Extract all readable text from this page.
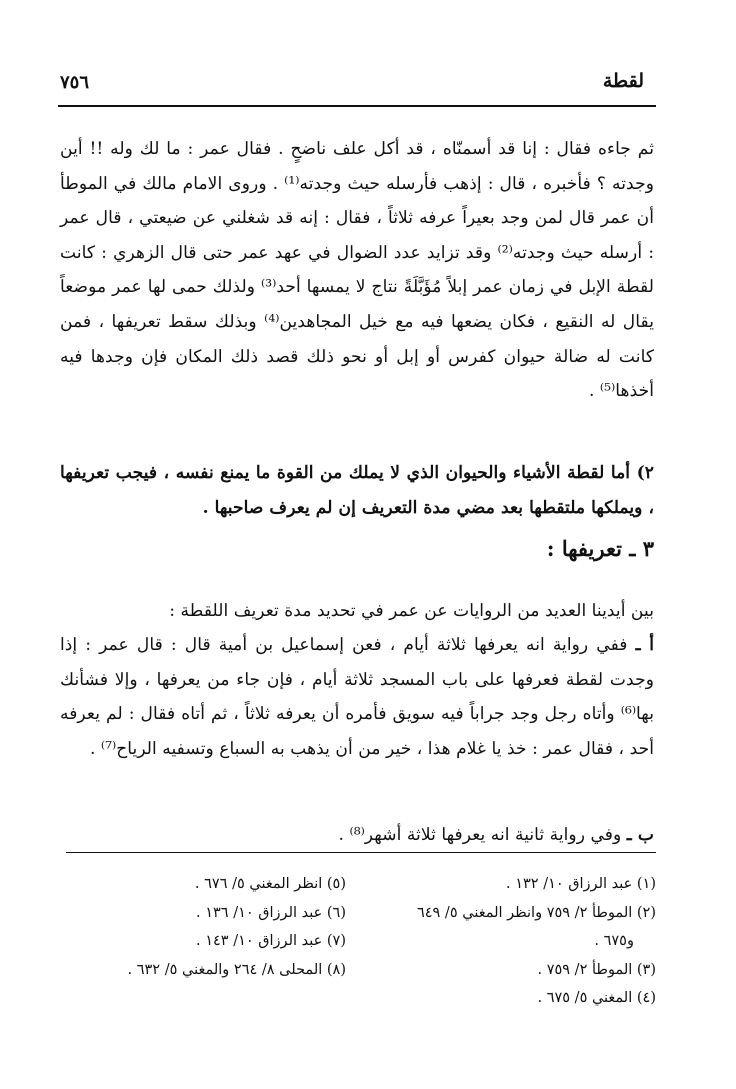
لقطة
٧٥٦
ثم جاءه فقال : إنا قد أسمنّاه ، قد أكل علف ناضحٍ . فقال عمر : ما لك وله !! أين وجدته ؟ فأخبره ، قال : إذهب فأرسله حيث وجدته⁽¹⁾ . وروى الامام مالك في الموطأ أن عمر قال لمن وجد بعيراً عرفه ثلاثاً ، فقال : إنه قد شغلني عن ضيعتي ، قال عمر : أرسله حيث وجدته⁽²⁾ وقد تزايد عدد الضوال في عهد عمر حتى قال الزهري : كانت لقطة الإبل في زمان عمر إبلاً مُؤَبَّلَةً نتاج لا يمسها أحد⁽³⁾ ولذلك حمى لها عمر موضعاً يقال له النقيع ، فكان يضعها فيه مع خيل المجاهدين⁽⁴⁾ وبذلك سقط تعريفها ، فمن كانت له ضالة حيوان كفرس أو إبل أو نحو ذلك قصد ذلك المكان فإن وجدها فيه أخذها⁽⁵⁾ .
٢) أما لقطة الأشياء والحيوان الذي لا يملك من القوة ما يمنع نفسه ، فيجب تعريفها ، ويملكها ملتقطها بعد مضي مدة التعريف إن لم يعرف صاحبها .
٣ ـ تعريفها :
بين أيدينا العديد من الروايات عن عمر في تحديد مدة تعريف اللقطة :
أ ـ ففي رواية انه يعرفها ثلاثة أيام ، فعن إسماعيل بن أمية قال : قال عمر : إذا وجدت لقطة فعرفها على باب المسجد ثلاثة أيام ، فإن جاء من يعرفها ، وإلا فشأنك بها⁽⁶⁾ وأتاه رجل وجد جراباً فيه سويق فأمره أن يعرفه ثلاثاً ، ثم أتاه فقال : لم يعرفه أحد ، فقال عمر : خذ يا غلام هذا ، خير من أن يذهب به السباع وتسفيه الرياح⁽⁷⁾ .
ب ـ وفي رواية ثانية انه يعرفها ثلاثة أشهر⁽⁸⁾ .
(١) عبد الرزاق ١٠/ ١٣٢ .
(٢) الموطأ ٢/ ٧٥٩ وانظر المغني ٥/ ٦٤٩
و٦٧٥ .
(٣) الموطأ ٢/ ٧٥٩ .
(٤) المغني ٥/ ٦٧٥ .
(٥) انظر المغني ٥/ ٦٧٦ .
(٦) عبد الرزاق ١٠/ ١٣٦ .
(٧) عبد الرزاق ١٠/ ١٤٣ .
(٨) المحلى ٨/ ٢٦٤ والمغني ٥/ ٦٣٢ .
